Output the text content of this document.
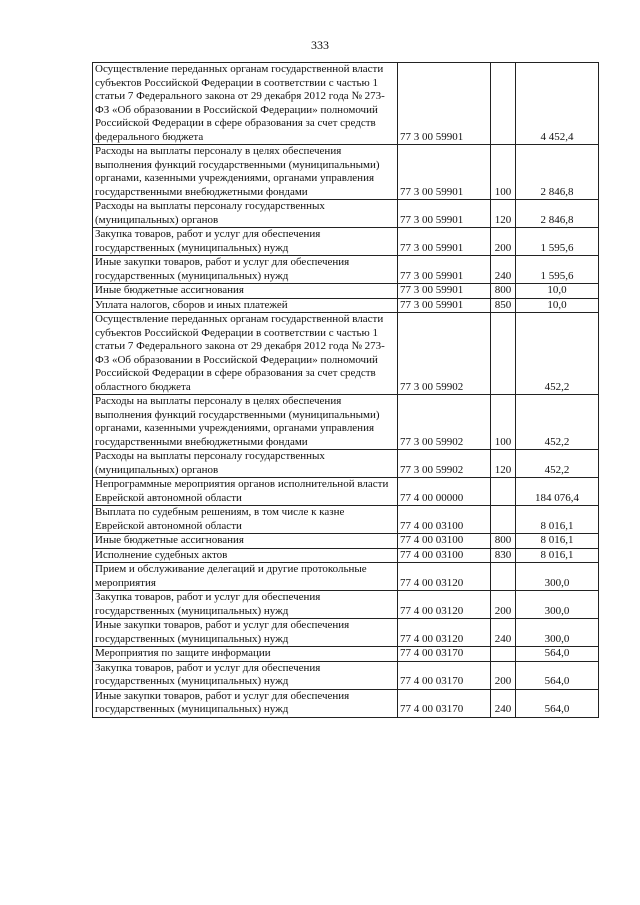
333
Осуществление переданных органам государственной власти субъектов Российской Федерации в соответствии с частью 1 статьи 7 Федерального закона от 29 декабря 2012 года № 273-ФЗ «Об образовании в Российской Федерации» полномочий Российской Федерации в сфере образования за счет средств федерального бюджета	77 3 00 59901		4 452,4
Расходы на выплаты персоналу в целях обеспечения выполнения функций государственными (муниципальными) органами, казенными учреждениями, органами управления государственными внебюджетными фондами	77 3 00 59901	100	2 846,8
Расходы на выплаты персоналу государственных (муниципальных) органов	77 3 00 59901	120	2 846,8
Закупка товаров, работ и услуг для обеспечения государственных (муниципальных) нужд	77 3 00 59901	200	1 595,6
Иные закупки товаров, работ и услуг для обеспечения государственных (муниципальных) нужд	77 3 00 59901	240	1 595,6
Иные бюджетные ассигнования	77 3 00 59901	800	10,0
Уплата налогов, сборов и иных платежей	77 3 00 59901	850	10,0
Осуществление переданных органам государственной власти субъектов Российской Федерации в соответствии с частью 1 статьи 7 Федерального закона от 29 декабря 2012 года № 273-ФЗ «Об образовании в Российской Федерации» полномочий Российской Федерации в сфере образования за счет средств областного бюджета	77 3 00 59902		452,2
Расходы на выплаты персоналу в целях обеспечения выполнения функций государственными (муниципальными) органами, казенными учреждениями, органами управления государственными внебюджетными фондами	77 3 00 59902	100	452,2
Расходы на выплаты персоналу государственных (муниципальных) органов	77 3 00 59902	120	452,2
Непрограммные мероприятия органов исполнительной власти Еврейской автономной области	77 4 00 00000		184 076,4
Выплата по судебным решениям, в том числе к казне Еврейской автономной области	77 4 00 03100		8 016,1
Иные бюджетные ассигнования	77 4 00 03100	800	8 016,1
Исполнение судебных актов	77 4 00 03100	830	8 016,1
Прием и обслуживание делегаций и другие протокольные мероприятия	77 4 00 03120		300,0
Закупка товаров, работ и услуг для обеспечения государственных (муниципальных) нужд	77 4 00 03120	200	300,0
Иные закупки товаров, работ и услуг для обеспечения государственных (муниципальных) нужд	77 4 00 03120	240	300,0
Мероприятия по защите информации	77 4 00 03170		564,0
Закупка товаров, работ и услуг для обеспечения государственных (муниципальных) нужд	77 4 00 03170	200	564,0
Иные закупки товаров, работ и услуг для обеспечения государственных (муниципальных) нужд	77 4 00 03170	240	564,0
